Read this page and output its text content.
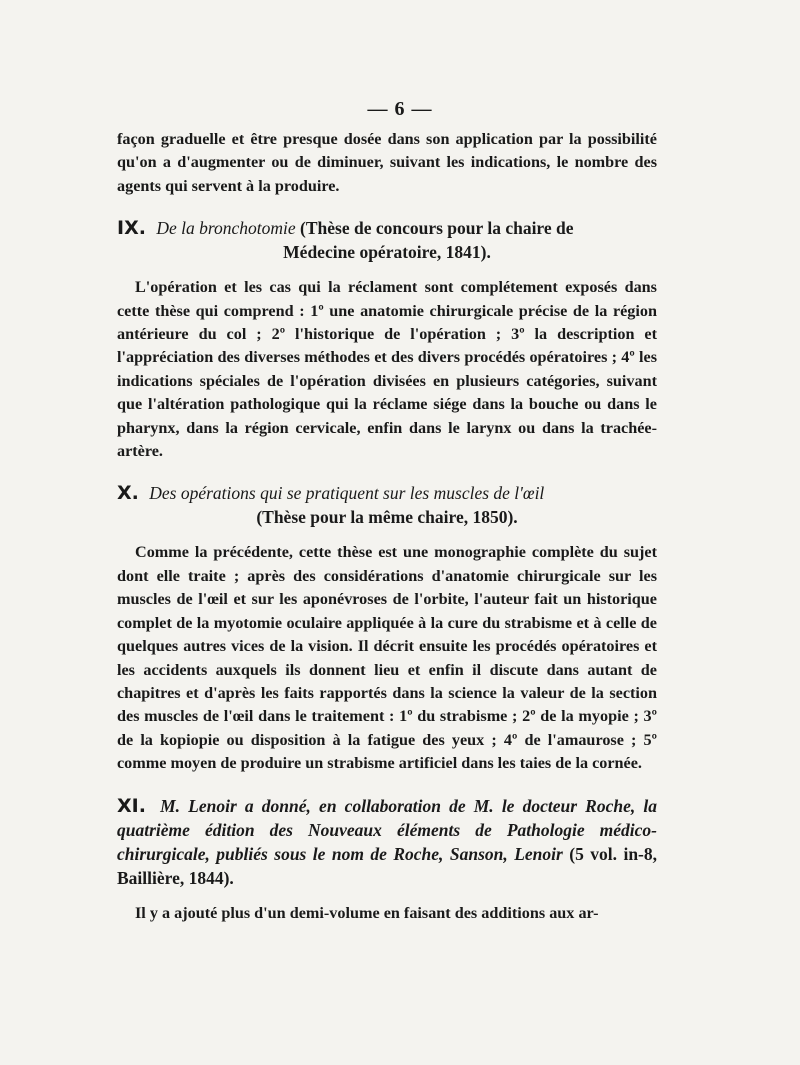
— 6 —

façon graduelle et être presque dosée dans son application par la possibilité qu'on a d'augmenter ou de diminuer, suivant les indications, le nombre des agents qui servent à la produire.

IX. De la bronchotomie (Thèse de concours pour la chaire de

Médecine opératoire, 1841).

L'opération et les cas qui la réclament sont complétement exposés dans cette thèse qui comprend : 1º une anatomie chirurgicale précise de la région antérieure du col ; 2º l'historique de l'opération ; 3º la description et l'appréciation des diverses méthodes et des divers procédés opératoires ; 4º les indications spéciales de l'opération divisées en plusieurs catégories, suivant que l'altération pathologique qui la réclame siége dans la bouche ou dans le pharynx, dans la région cervicale, enfin dans le larynx ou dans la trachée-artère.

X. Des opérations qui se pratiquent sur les muscles de l'œil

(Thèse pour la même chaire, 1850).

Comme la précédente, cette thèse est une monographie complète du sujet dont elle traite ; après des considérations d'anatomie chirurgicale sur les muscles de l'œil et sur les aponévroses de l'orbite, l'auteur fait un historique complet de la myotomie oculaire appliquée à la cure du strabisme et à celle de quelques autres vices de la vision. Il décrit ensuite les procédés opératoires et les accidents auxquels ils donnent lieu et enfin il discute dans autant de chapitres et d'après les faits rapportés dans la science la valeur de la section des muscles de l'œil dans le traitement : 1º du strabisme ; 2º de la myopie ; 3º de la kopiopie ou disposition à la fatigue des yeux ; 4º de l'amaurose ; 5º comme moyen de produire un strabisme artificiel dans les taies de la cornée.

XI. M. Lenoir a donné, en collaboration de M. le docteur Roche, la quatrième édition des Nouveaux éléments de Pathologie médico-chirurgicale, publiés sous le nom de Roche, Sanson, Lenoir (5 vol. in-8, Baillière, 1844).

Il y a ajouté plus d'un demi-volume en faisant des additions aux ar-
